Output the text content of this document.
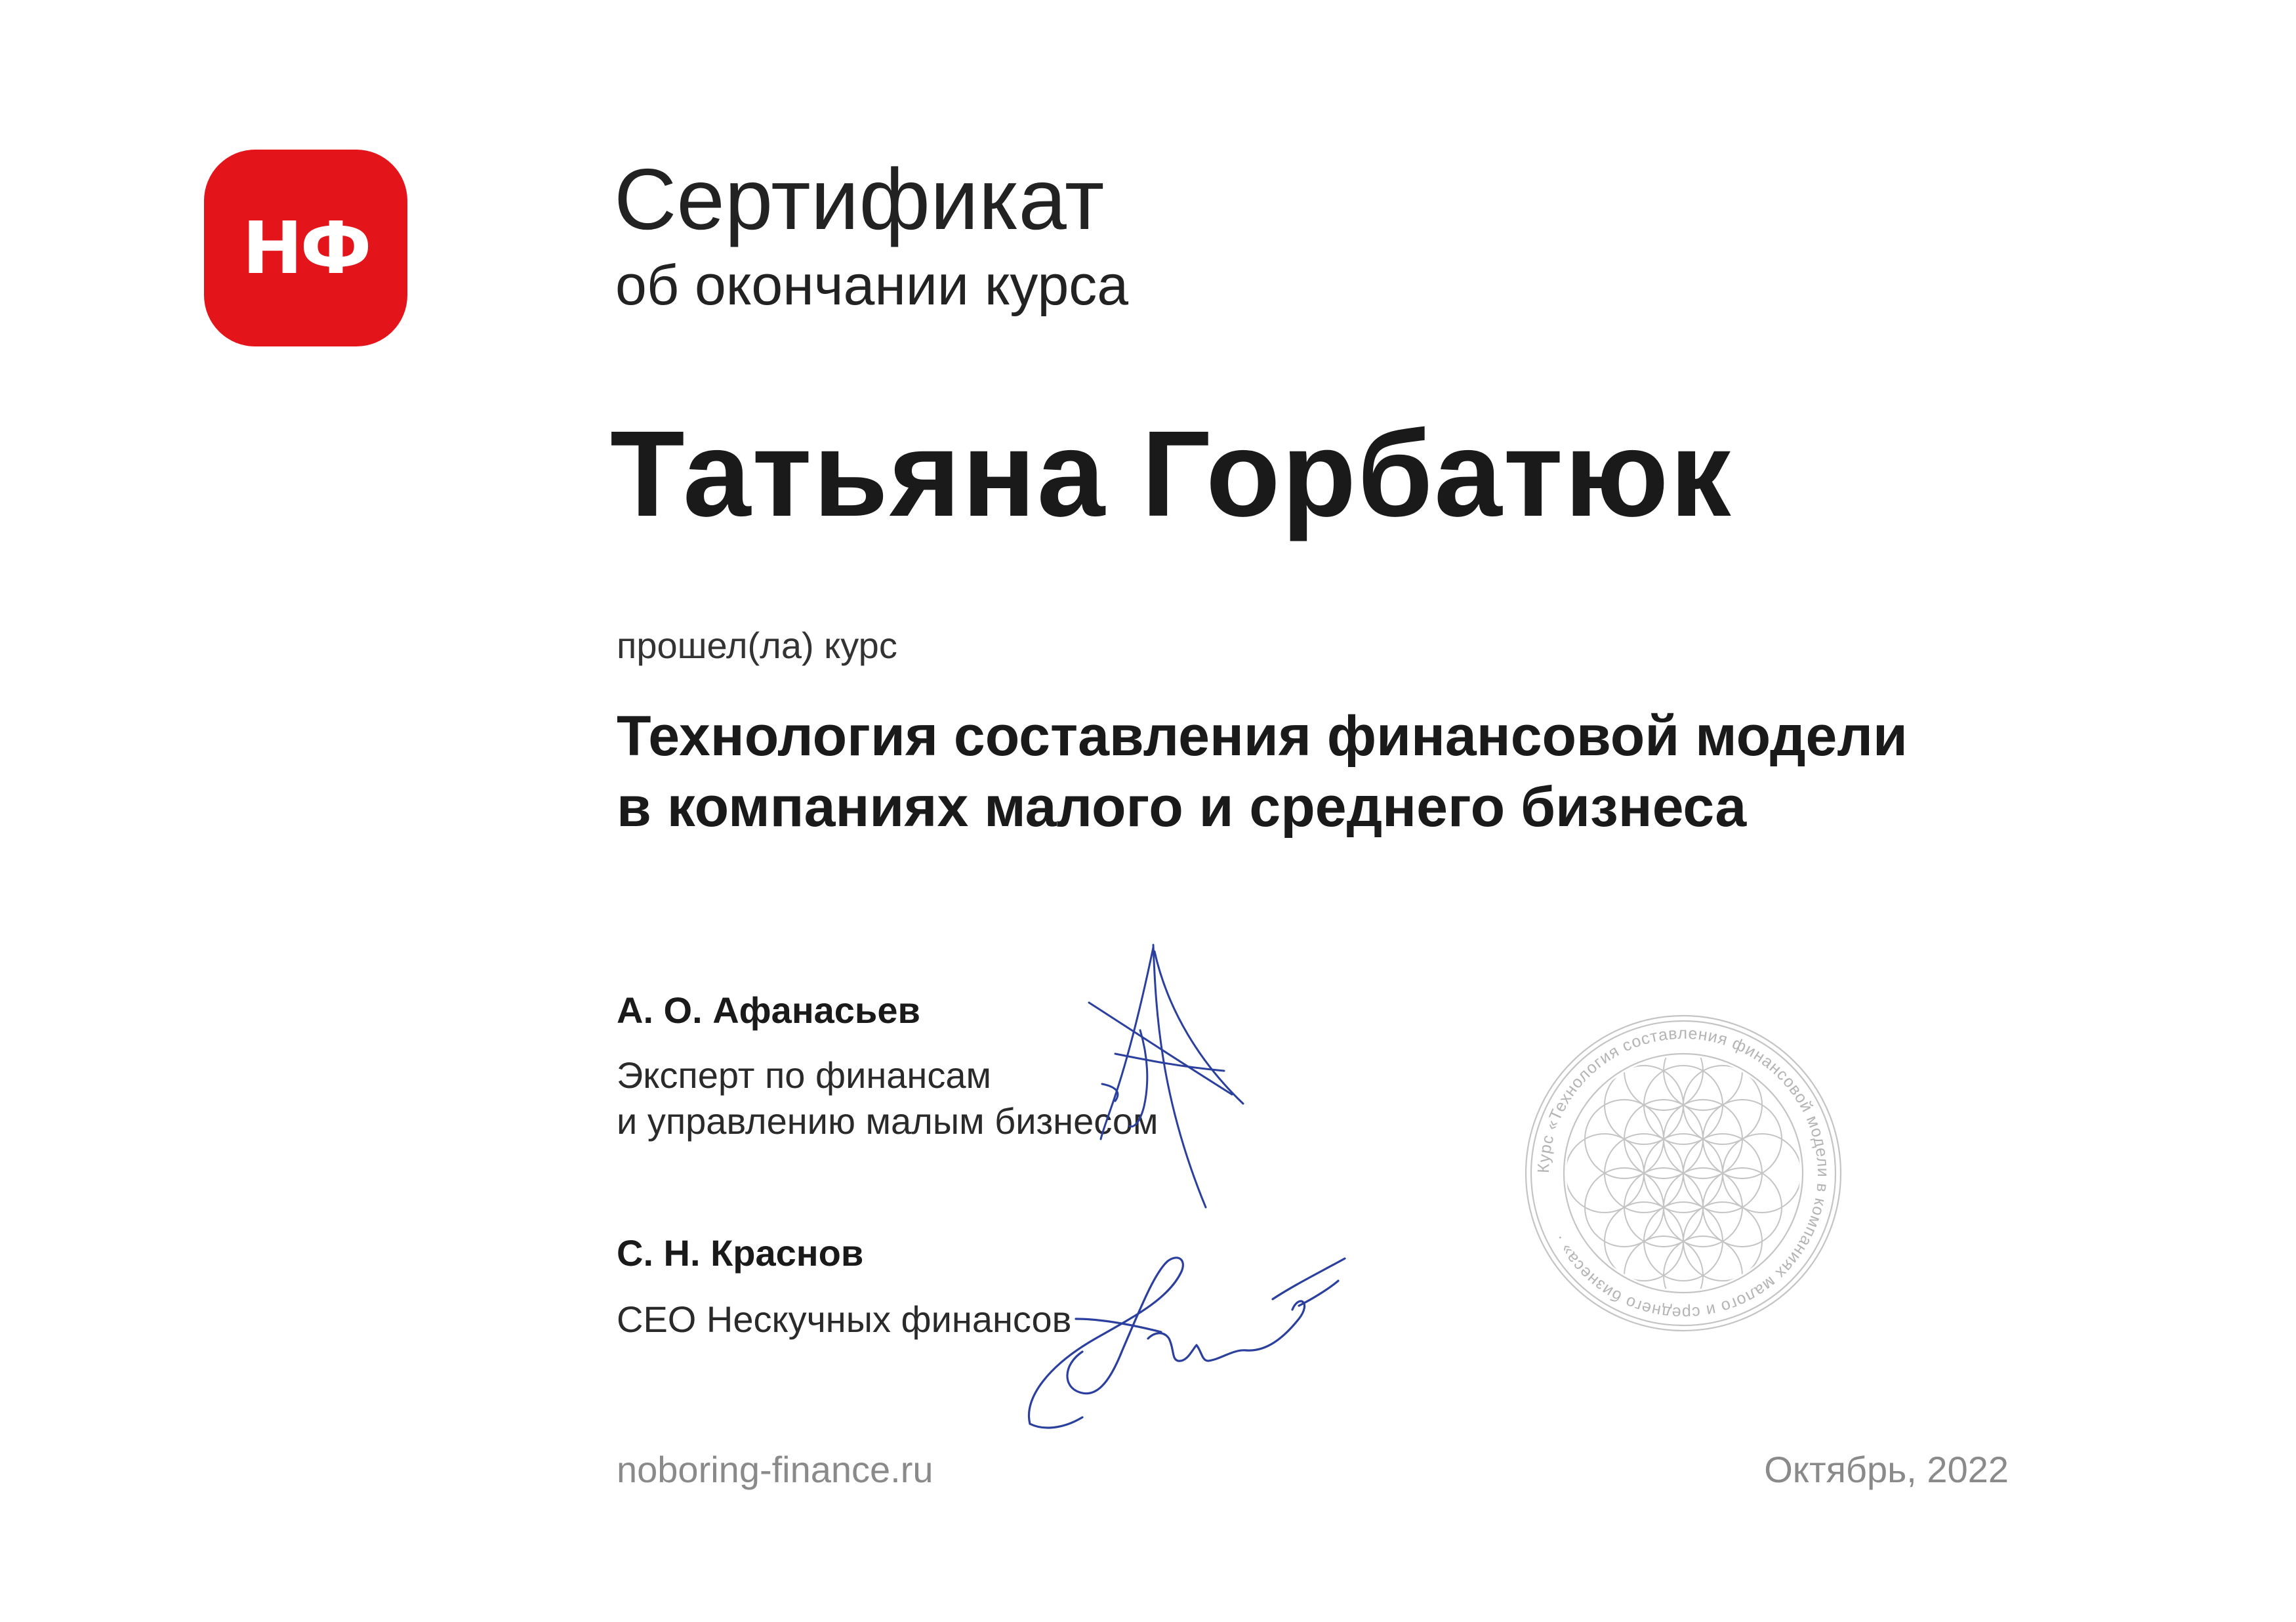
НФ
Сертификат
об окончании курса
Татьяна Горбатюк
прошел(ла) курс
Технология составления финансовой модели
в компаниях малого и среднего бизнеса
А. О. Афанасьев
Эксперт по финансам
и управлению малым бизнесом
С. Н. Краснов
CEO Нескучных финансов
Курс «Технология составления финансовой модели в компаниях малого и среднего бизнеса» ·
noboring-finance.ru	Октябрь, 2022
